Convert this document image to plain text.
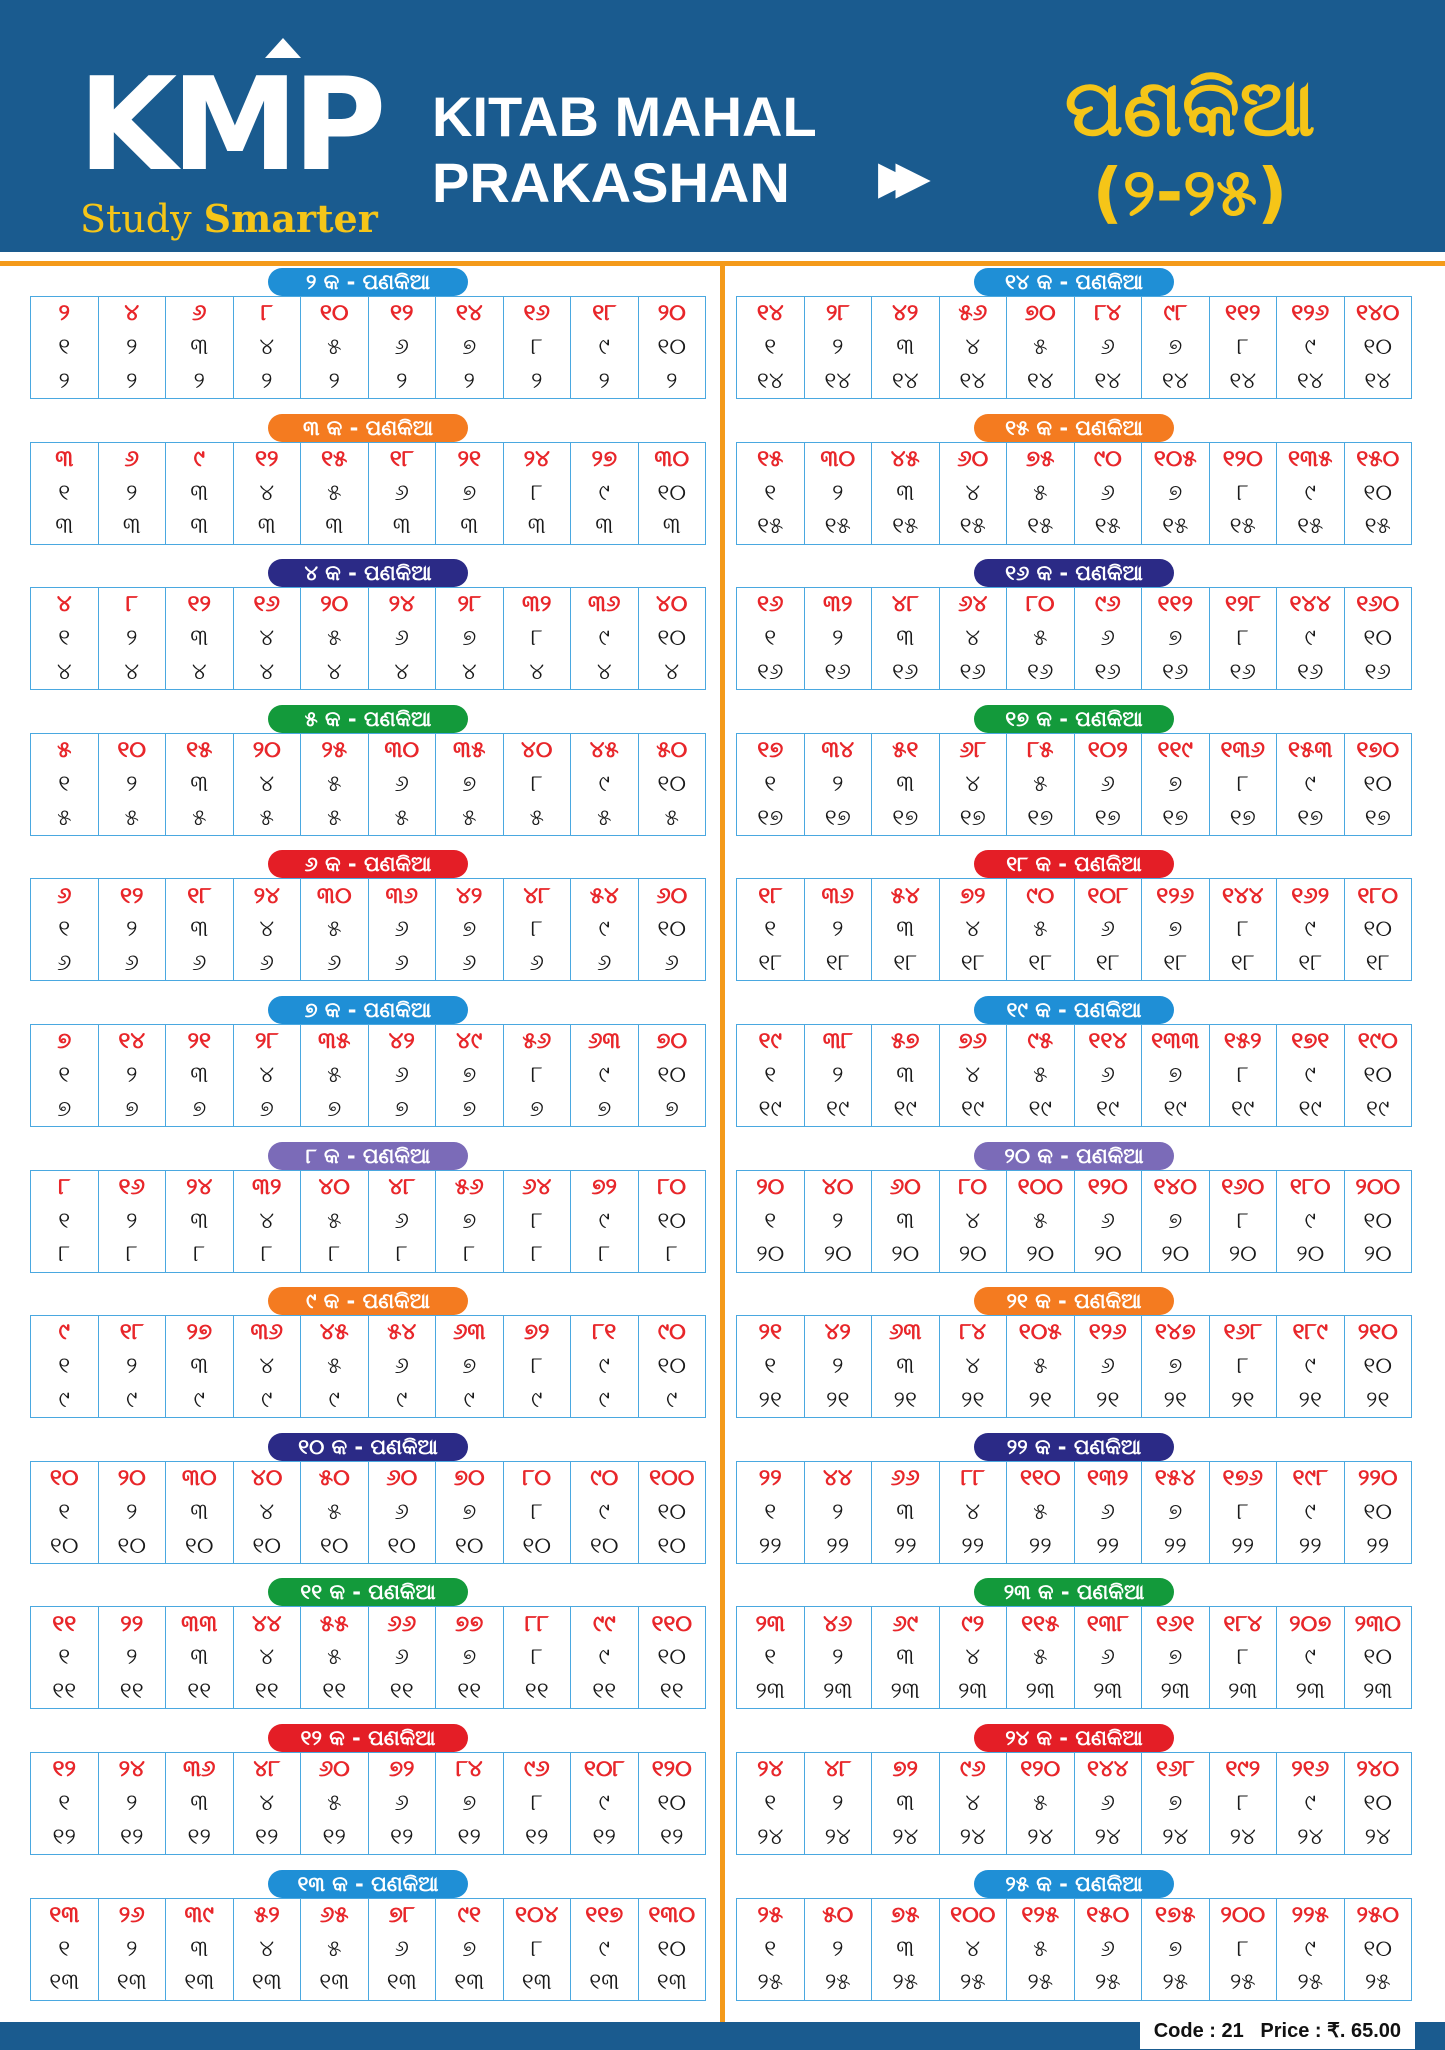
KMP
Study Smarter
KITAB MAHAL
PRAKASHAN	▶▶
ପଣକିଆ
(୨-୨୫)
୨ କ - ପଣକିଆ
୨	୪	୬	୮	୧୦	୧୨	୧୪	୧୬	୧୮	୨୦
୧	୨	୩	୪	୫	୬	୭	୮	୯	୧୦
୨	୨	୨	୨	୨	୨	୨	୨	୨	୨
୩ କ - ପଣକିଆ
୩	୬	୯	୧୨	୧୫	୧୮	୨୧	୨୪	୨୭	୩୦
୧	୨	୩	୪	୫	୬	୭	୮	୯	୧୦
୩	୩	୩	୩	୩	୩	୩	୩	୩	୩
୪ କ - ପଣକିଆ
୪	୮	୧୨	୧୬	୨୦	୨୪	୨୮	୩୨	୩୬	୪୦
୧	୨	୩	୪	୫	୬	୭	୮	୯	୧୦
୪	୪	୪	୪	୪	୪	୪	୪	୪	୪
୫ କ - ପଣକିଆ
୫	୧୦	୧୫	୨୦	୨୫	୩୦	୩୫	୪୦	୪୫	୫୦
୧	୨	୩	୪	୫	୬	୭	୮	୯	୧୦
୫	୫	୫	୫	୫	୫	୫	୫	୫	୫
୬ କ - ପଣକିଆ
୬	୧୨	୧୮	୨୪	୩୦	୩୬	୪୨	୪୮	୫୪	୬୦
୧	୨	୩	୪	୫	୬	୭	୮	୯	୧୦
୬	୬	୬	୬	୬	୬	୬	୬	୬	୬
୭ କ - ପଣକିଆ
୭	୧୪	୨୧	୨୮	୩୫	୪୨	୪୯	୫୬	୬୩	୭୦
୧	୨	୩	୪	୫	୬	୭	୮	୯	୧୦
୭	୭	୭	୭	୭	୭	୭	୭	୭	୭
୮ କ - ପଣକିଆ
୮	୧୬	୨୪	୩୨	୪୦	୪୮	୫୬	୬୪	୭୨	୮୦
୧	୨	୩	୪	୫	୬	୭	୮	୯	୧୦
୮	୮	୮	୮	୮	୮	୮	୮	୮	୮
୯ କ - ପଣକିଆ
୯	୧୮	୨୭	୩୬	୪୫	୫୪	୬୩	୭୨	୮୧	୯୦
୧	୨	୩	୪	୫	୬	୭	୮	୯	୧୦
୯	୯	୯	୯	୯	୯	୯	୯	୯	୯
୧୦ କ - ପଣକିଆ
୧୦	୨୦	୩୦	୪୦	୫୦	୬୦	୭୦	୮୦	୯୦	୧୦୦
୧	୨	୩	୪	୫	୬	୭	୮	୯	୧୦
୧୦	୧୦	୧୦	୧୦	୧୦	୧୦	୧୦	୧୦	୧୦	୧୦
୧୧ କ - ପଣକିଆ
୧୧	୨୨	୩୩	୪୪	୫୫	୬୬	୭୭	୮୮	୯୯	୧୧୦
୧	୨	୩	୪	୫	୬	୭	୮	୯	୧୦
୧୧	୧୧	୧୧	୧୧	୧୧	୧୧	୧୧	୧୧	୧୧	୧୧
୧୨ କ - ପଣକିଆ
୧୨	୨୪	୩୬	୪୮	୬୦	୭୨	୮୪	୯୬	୧୦୮	୧୨୦
୧	୨	୩	୪	୫	୬	୭	୮	୯	୧୦
୧୨	୧୨	୧୨	୧୨	୧୨	୧୨	୧୨	୧୨	୧୨	୧୨
୧୩ କ - ପଣକିଆ
୧୩	୨୬	୩୯	୫୨	୬୫	୭୮	୯୧	୧୦୪	୧୧୭	୧୩୦
୧	୨	୩	୪	୫	୬	୭	୮	୯	୧୦
୧୩	୧୩	୧୩	୧୩	୧୩	୧୩	୧୩	୧୩	୧୩	୧୩
୧୪ କ - ପଣକିଆ
୧୪	୨୮	୪୨	୫୬	୭୦	୮୪	୯୮	୧୧୨	୧୨୬	୧୪୦
୧	୨	୩	୪	୫	୬	୭	୮	୯	୧୦
୧୪	୧୪	୧୪	୧୪	୧୪	୧୪	୧୪	୧୪	୧୪	୧୪
୧୫ କ - ପଣକିଆ
୧୫	୩୦	୪୫	୬୦	୭୫	୯୦	୧୦୫	୧୨୦	୧୩୫	୧୫୦
୧	୨	୩	୪	୫	୬	୭	୮	୯	୧୦
୧୫	୧୫	୧୫	୧୫	୧୫	୧୫	୧୫	୧୫	୧୫	୧୫
୧୬ କ - ପଣକିଆ
୧୬	୩୨	୪୮	୬୪	୮୦	୯୬	୧୧୨	୧୨୮	୧୪୪	୧୬୦
୧	୨	୩	୪	୫	୬	୭	୮	୯	୧୦
୧୬	୧୬	୧୬	୧୬	୧୬	୧୬	୧୬	୧୬	୧୬	୧୬
୧୭ କ - ପଣକିଆ
୧୭	୩୪	୫୧	୬୮	୮୫	୧୦୨	୧୧୯	୧୩୬	୧୫୩	୧୭୦
୧	୨	୩	୪	୫	୬	୭	୮	୯	୧୦
୧୭	୧୭	୧୭	୧୭	୧୭	୧୭	୧୭	୧୭	୧୭	୧୭
୧୮ କ - ପଣକିଆ
୧୮	୩୬	୫୪	୭୨	୯୦	୧୦୮	୧୨୬	୧୪୪	୧୬୨	୧୮୦
୧	୨	୩	୪	୫	୬	୭	୮	୯	୧୦
୧୮	୧୮	୧୮	୧୮	୧୮	୧୮	୧୮	୧୮	୧୮	୧୮
୧୯ କ - ପଣକିଆ
୧୯	୩୮	୫୭	୭୬	୯୫	୧୧୪	୧୩୩	୧୫୨	୧୭୧	୧୯୦
୧	୨	୩	୪	୫	୬	୭	୮	୯	୧୦
୧୯	୧୯	୧୯	୧୯	୧୯	୧୯	୧୯	୧୯	୧୯	୧୯
୨୦ କ - ପଣକିଆ
୨୦	୪୦	୬୦	୮୦	୧୦୦	୧୨୦	୧୪୦	୧୬୦	୧୮୦	୨୦୦
୧	୨	୩	୪	୫	୬	୭	୮	୯	୧୦
୨୦	୨୦	୨୦	୨୦	୨୦	୨୦	୨୦	୨୦	୨୦	୨୦
୨୧ କ - ପଣକିଆ
୨୧	୪୨	୬୩	୮୪	୧୦୫	୧୨୬	୧୪୭	୧୬୮	୧୮୯	୨୧୦
୧	୨	୩	୪	୫	୬	୭	୮	୯	୧୦
୨୧	୨୧	୨୧	୨୧	୨୧	୨୧	୨୧	୨୧	୨୧	୨୧
୨୨ କ - ପଣକିଆ
୨୨	୪୪	୬୬	୮୮	୧୧୦	୧୩୨	୧୫୪	୧୭୬	୧୯୮	୨୨୦
୧	୨	୩	୪	୫	୬	୭	୮	୯	୧୦
୨୨	୨୨	୨୨	୨୨	୨୨	୨୨	୨୨	୨୨	୨୨	୨୨
୨୩ କ - ପଣକିଆ
୨୩	୪୬	୬୯	୯୨	୧୧୫	୧୩୮	୧୬୧	୧୮୪	୨୦୭	୨୩୦
୧	୨	୩	୪	୫	୬	୭	୮	୯	୧୦
୨୩	୨୩	୨୩	୨୩	୨୩	୨୩	୨୩	୨୩	୨୩	୨୩
୨୪ କ - ପଣକିଆ
୨୪	୪୮	୭୨	୯୬	୧୨୦	୧୪୪	୧୬୮	୧୯୨	୨୧୬	୨୪୦
୧	୨	୩	୪	୫	୬	୭	୮	୯	୧୦
୨୪	୨୪	୨୪	୨୪	୨୪	୨୪	୨୪	୨୪	୨୪	୨୪
୨୫ କ - ପଣକିଆ
୨୫	୫୦	୭୫	୧୦୦	୧୨୫	୧୫୦	୧୭୫	୨୦୦	୨୨୫	୨୫୦
୧	୨	୩	୪	୫	୬	୭	୮	୯	୧୦
୨୫	୨୫	୨୫	୨୫	୨୫	୨୫	୨୫	୨୫	୨୫	୨୫
Code : 21 Price : ₹. 65.00
